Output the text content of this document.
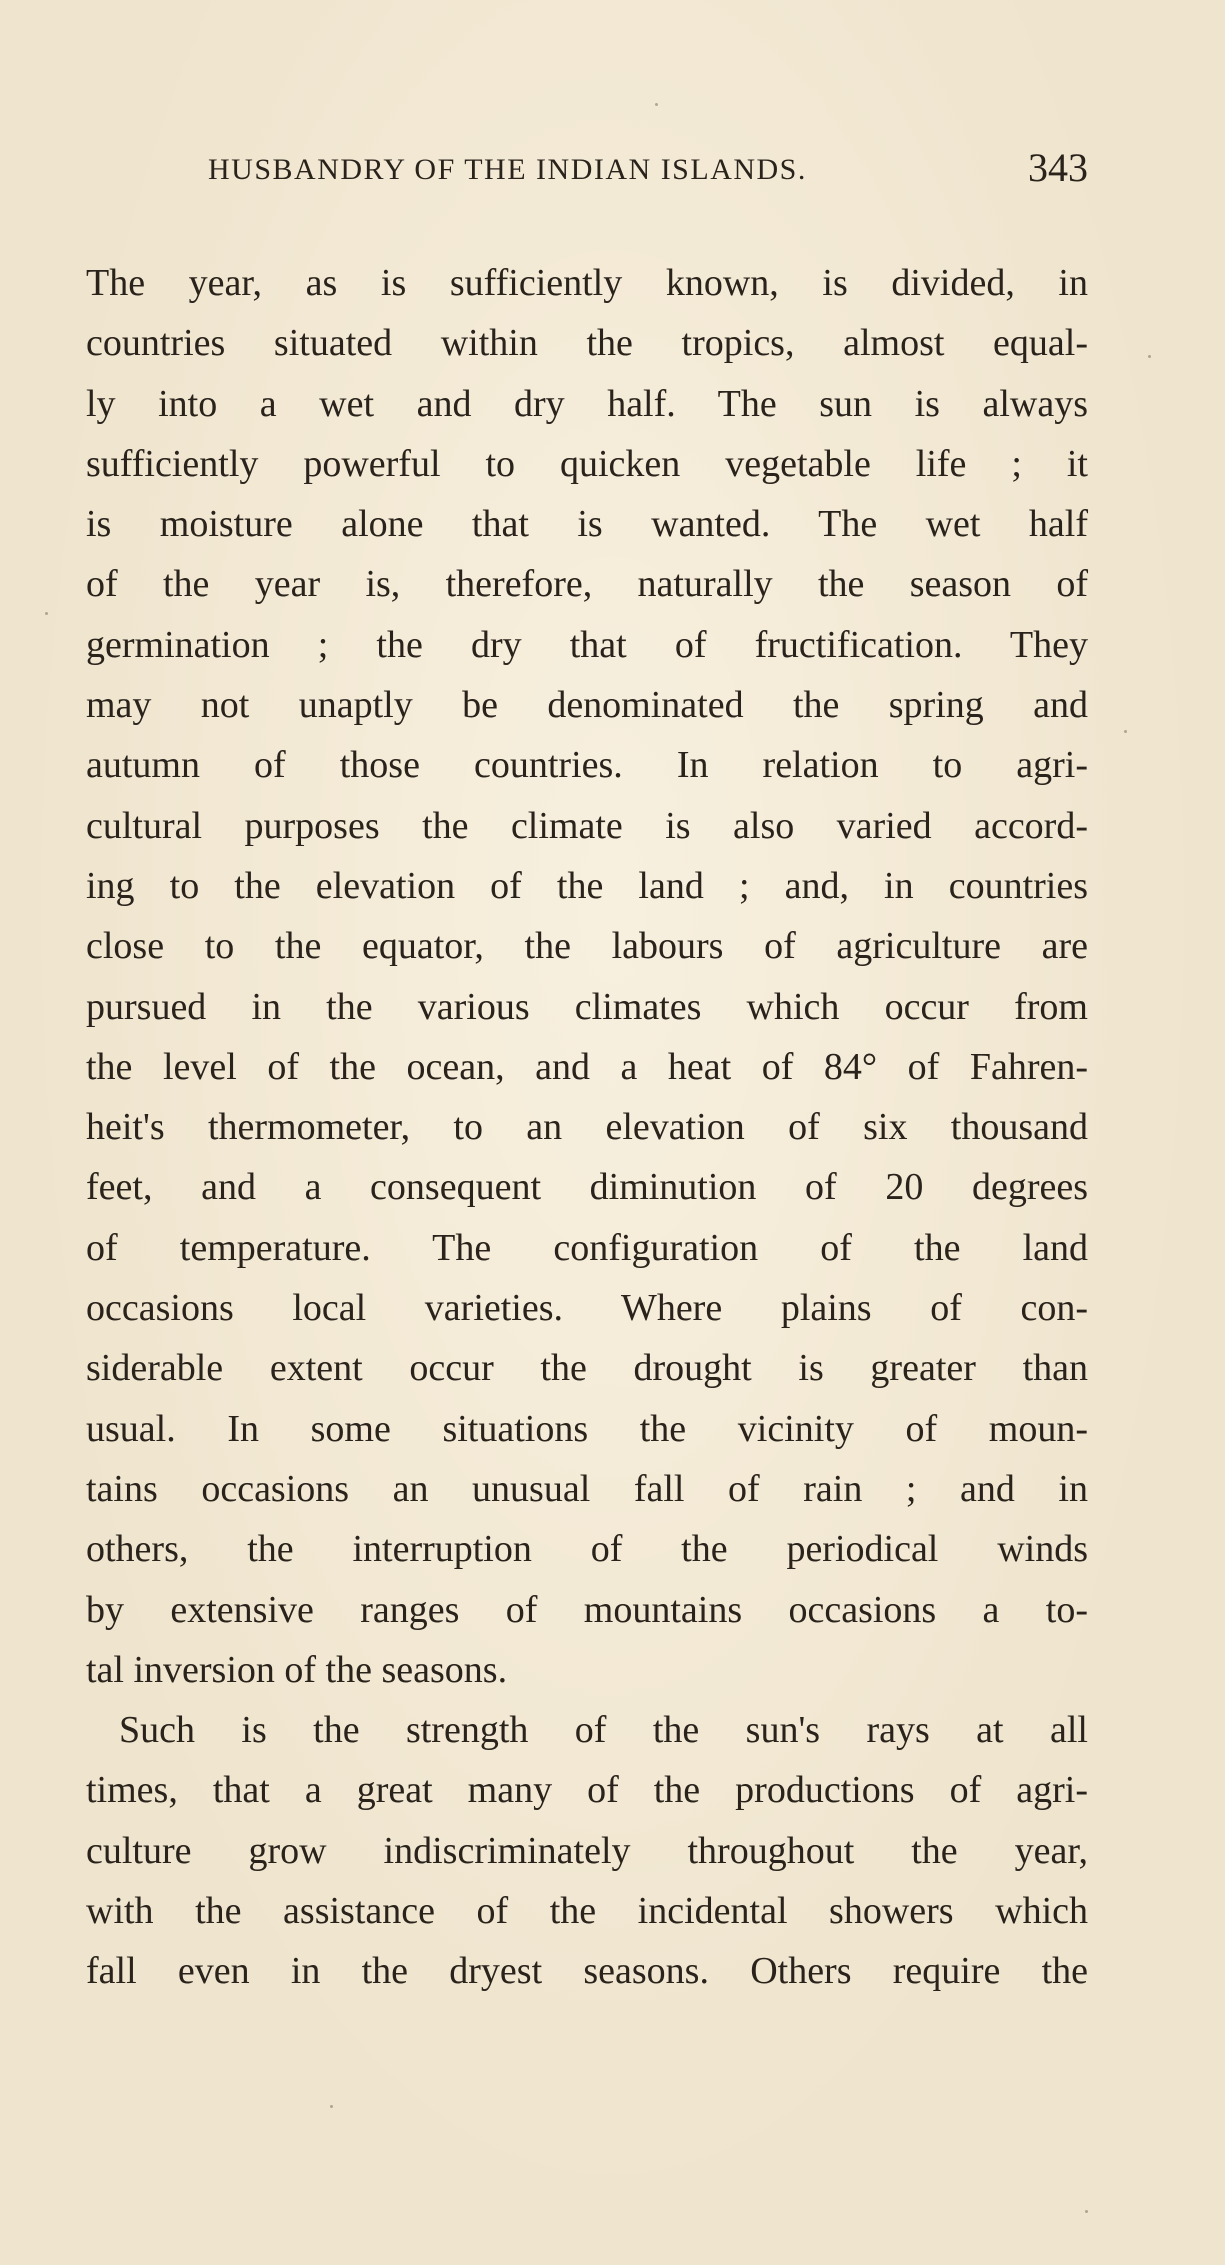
HUSBANDRY OF THE INDIAN ISLANDS.	343
The year, as is sufficiently known, is divided, in
countries situated within the tropics, almost equal-
ly into a wet and dry half. The sun is always
sufficiently powerful to quicken vegetable life ; it
is moisture alone that is wanted. The wet half
of the year is, therefore, naturally the season of
germination ; the dry that of fructification. They
may not unaptly be denominated the spring and
autumn of those countries. In relation to agri-
cultural purposes the climate is also varied accord-
ing to the elevation of the land ; and, in countries
close to the equator, the labours of agriculture are
pursued in the various climates which occur from
the level of the ocean, and a heat of 84° of Fahren-
heit's thermometer, to an elevation of six thousand
feet, and a consequent diminution of 20 degrees
of temperature. The configuration of the land
occasions local varieties. Where plains of con-
siderable extent occur the drought is greater than
usual. In some situations the vicinity of moun-
tains occasions an unusual fall of rain ; and in
others, the interruption of the periodical winds
by extensive ranges of mountains occasions a to-
tal inversion of the seasons.
Such is the strength of the sun's rays at all
times, that a great many of the productions of agri-
culture grow indiscriminately throughout the year,
with the assistance of the incidental showers which
fall even in the dryest seasons. Others require the
